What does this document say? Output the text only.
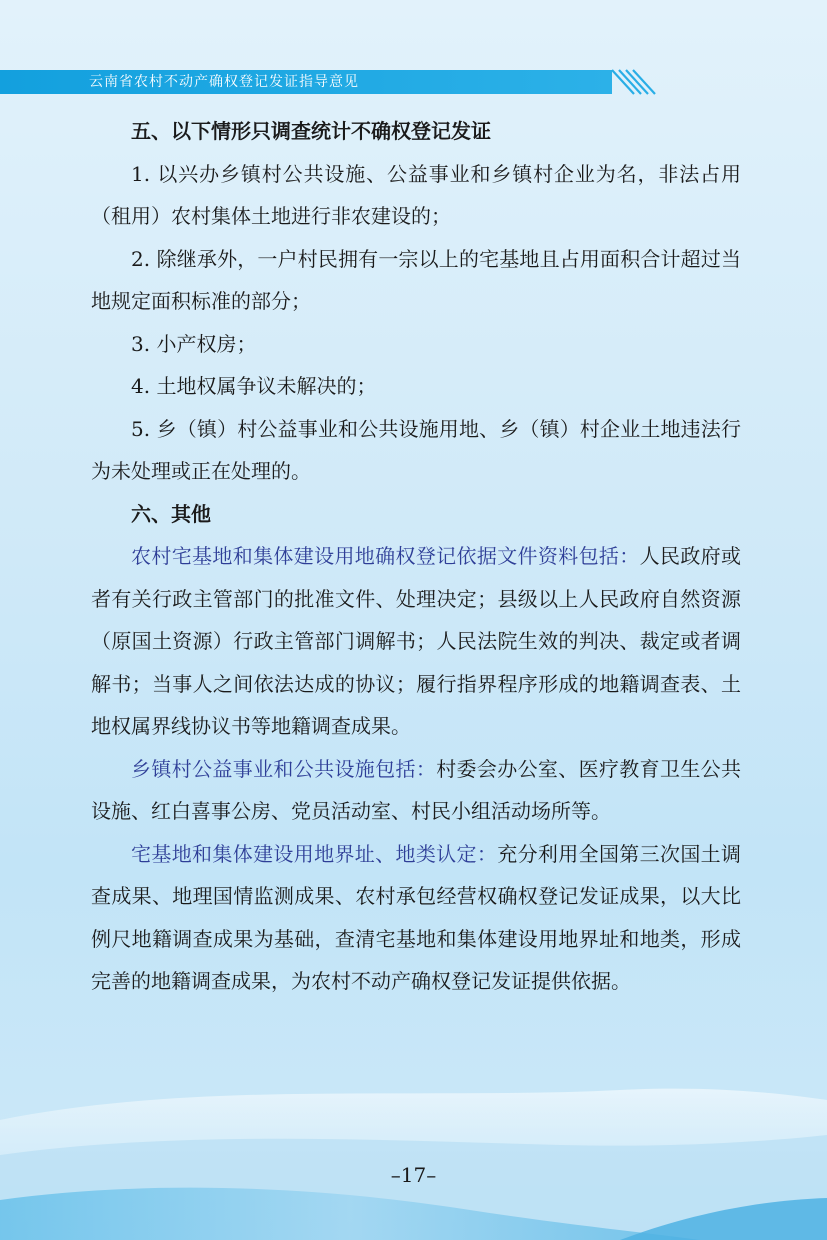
云南省农村不动产确权登记发证指导意见

五、以下情形只调查统计不确权登记发证

1. 以兴办乡镇村公共设施、公益事业和乡镇村企业为名，非法占用（租用）农村集体土地进行非农建设的；

2. 除继承外，一户村民拥有一宗以上的宅基地且占用面积合计超过当地规定面积标准的部分；

3. 小产权房；

4. 土地权属争议未解决的；

5. 乡（镇）村公益事业和公共设施用地、乡（镇）村企业土地违法行为未处理或正在处理的。

六、其他

农村宅基地和集体建设用地确权登记依据文件资料包括：人民政府或者有关行政主管部门的批准文件、处理决定；县级以上人民政府自然资源（原国土资源）行政主管部门调解书；人民法院生效的判决、裁定或者调解书；当事人之间依法达成的协议；履行指界程序形成的地籍调查表、土地权属界线协议书等地籍调查成果。

乡镇村公益事业和公共设施包括：村委会办公室、医疗教育卫生公共设施、红白喜事公房、党员活动室、村民小组活动场所等。

宅基地和集体建设用地界址、地类认定：充分利用全国第三次国土调查成果、地理国情监测成果、农村承包经营权确权登记发证成果，以大比例尺地籍调查成果为基础，查清宅基地和集体建设用地界址和地类，形成完善的地籍调查成果，为农村不动产确权登记发证提供依据。

–17–
